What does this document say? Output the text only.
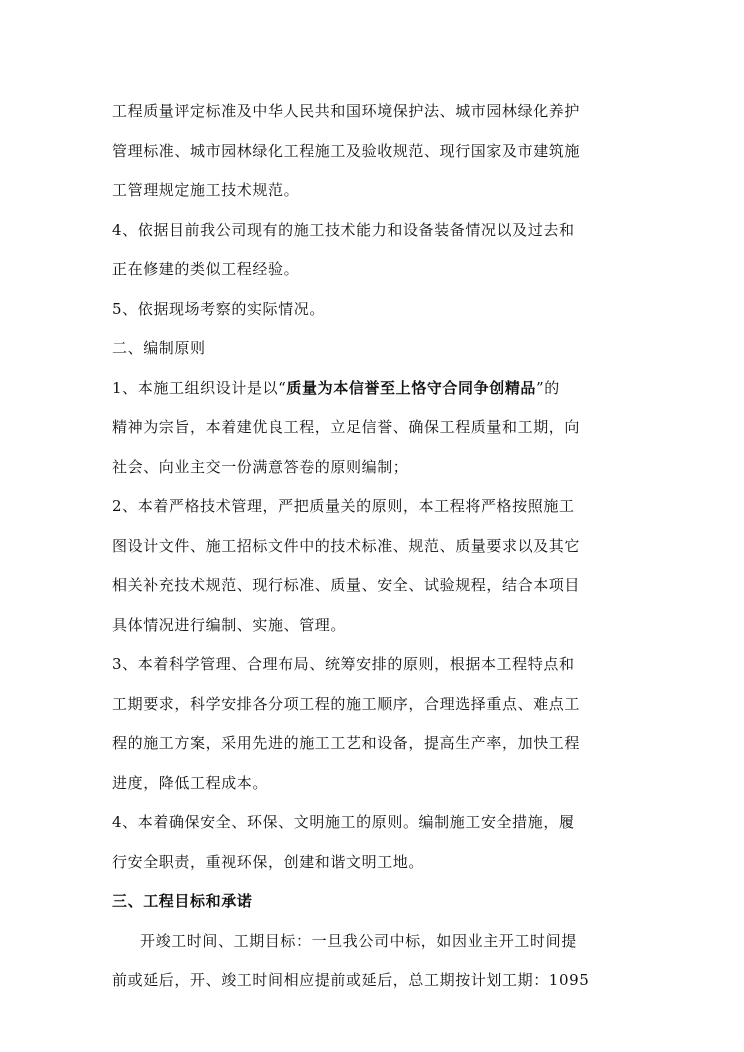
工程质量评定标准及中华人民共和国环境保护法、城市园林绿化养护
管理标准、城市园林绿化工程施工及验收规范、现行国家及市建筑施
工管理规定施工技术规范。
4、依据目前我公司现有的施工技术能力和设备装备情况以及过去和
正在修建的类似工程经验。
5、依据现场考察的实际情况。
二、编制原则
1、本施工组织设计是以“质量为本信誉至上恪守合同争创精品”的
精神为宗旨，本着建优良工程，立足信誉、确保工程质量和工期，向
社会、向业主交一份满意答卷的原则编制；
2、本着严格技术管理，严把质量关的原则，本工程将严格按照施工
图设计文件、施工招标文件中的技术标准、规范、质量要求以及其它
相关补充技术规范、现行标准、质量、安全、试验规程，结合本项目
具体情况进行编制、实施、管理。
3、本着科学管理、合理布局、统筹安排的原则，根据本工程特点和
工期要求，科学安排各分项工程的施工顺序，合理选择重点、难点工
程的施工方案，采用先进的施工工艺和设备，提高生产率，加快工程
进度，降低工程成本。
4、本着确保安全、环保、文明施工的原则。编制施工安全措施，履
行安全职责，重视环保，创建和谐文明工地。
三、工程目标和承诺
开竣工时间、工期目标：一旦我公司中标，如因业主开工时间提
前或延后，开、竣工时间相应提前或延后，总工期按计划工期：1095
